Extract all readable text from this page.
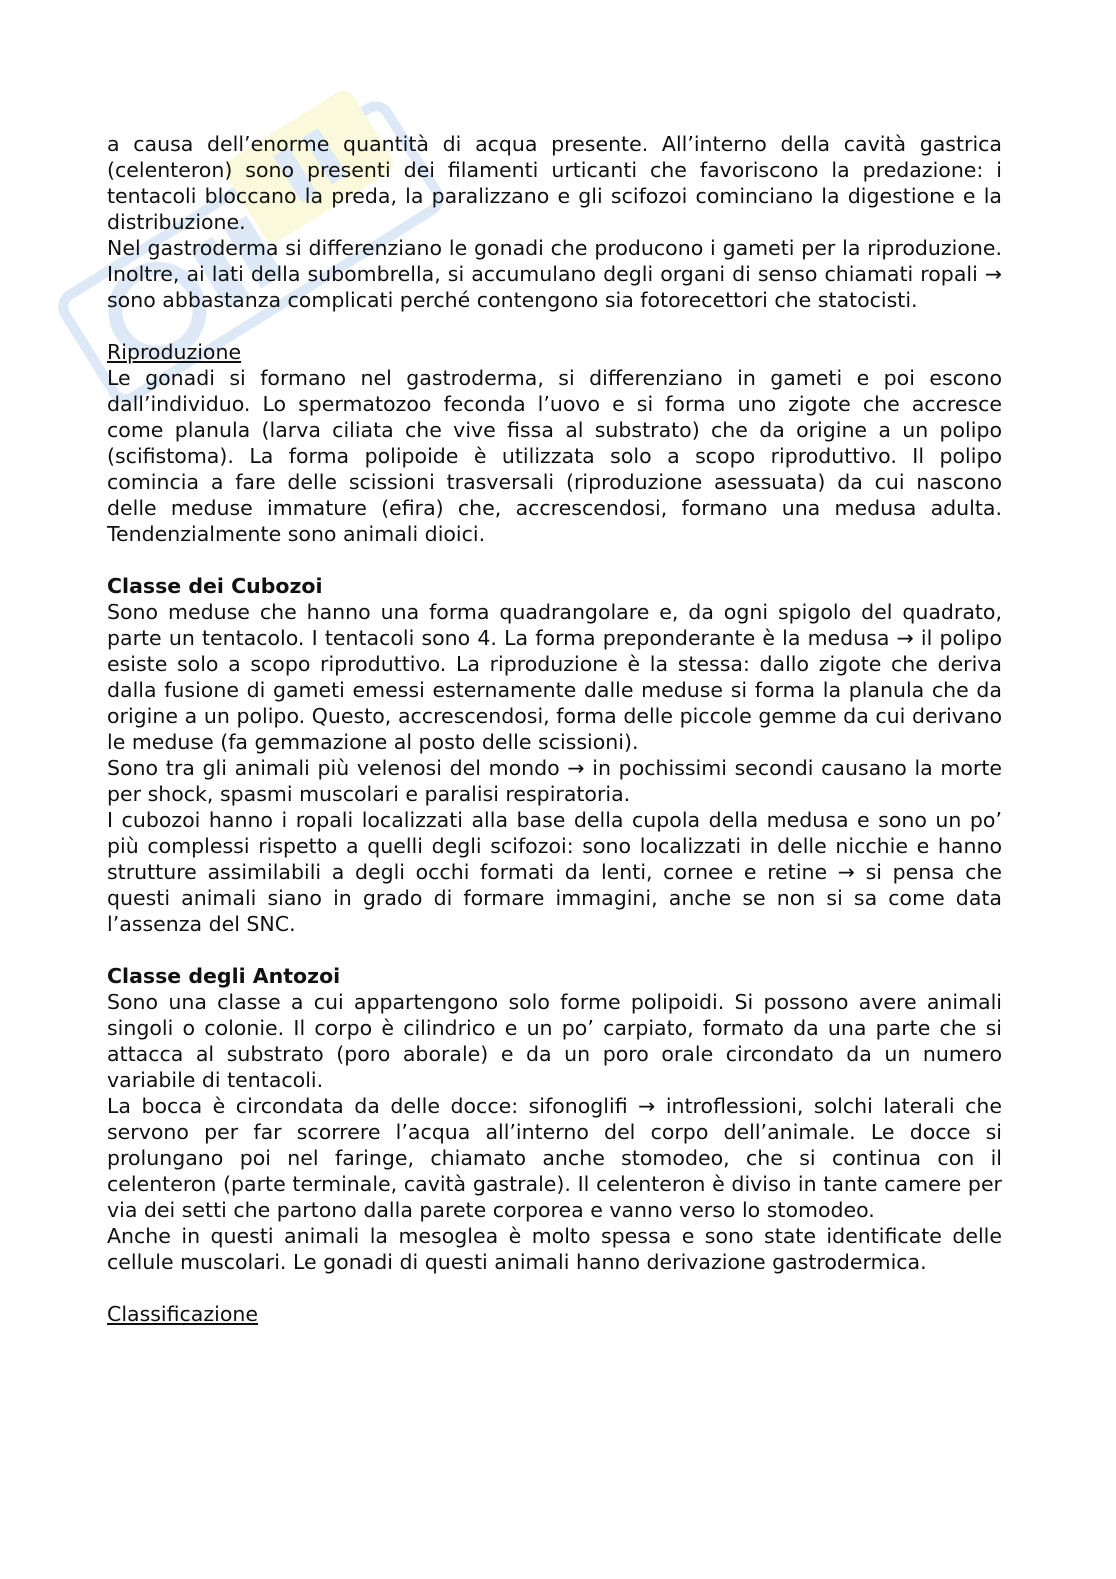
a causa dell’enorme quantità di acqua presente. All’interno della cavità gastrica (celenteron) sono presenti dei filamenti urticanti che favoriscono la predazione: i tentacoli bloccano la preda, la paralizzano e gli scifozoi cominciano la digestione e la distribuzione.

Nel gastroderma si differenziano le gonadi che producono i gameti per la riproduzione. Inoltre, ai lati della subombrella, si accumulano degli organi di senso chiamati ropali → sono abbastanza complicati perché contengono sia fotorecettori che statocisti.

Riproduzione

Le gonadi si formano nel gastroderma, si differenziano in gameti e poi escono dall’individuo. Lo spermatozoo feconda l’uovo e si forma uno zigote che accresce come planula (larva ciliata che vive fissa al substrato) che da origine a un polipo (scifistoma). La forma polipoide è utilizzata solo a scopo riproduttivo. Il polipo comincia a fare delle scissioni trasversali (riproduzione asessuata) da cui nascono delle meduse immature (efira) che, accrescendosi, formano una medusa adulta. Tendenzialmente sono animali dioici.

Classe dei Cubozoi

Sono meduse che hanno una forma quadrangolare e, da ogni spigolo del quadrato, parte un tentacolo. I tentacoli sono 4. La forma preponderante è la medusa → il polipo esiste solo a scopo riproduttivo. La riproduzione è la stessa: dallo zigote che deriva dalla fusione di gameti emessi esternamente dalle meduse si forma la planula che da origine a un polipo. Questo, accrescendosi, forma delle piccole gemme da cui derivano le meduse (fa gemmazione al posto delle scissioni).

Sono tra gli animali più velenosi del mondo → in pochissimi secondi causano la morte per shock, spasmi muscolari e paralisi respiratoria.

I cubozoi hanno i ropali localizzati alla base della cupola della medusa e sono un po’ più complessi rispetto a quelli degli scifozoi: sono localizzati in delle nicchie e hanno strutture assimilabili a degli occhi formati da lenti, cornee e retine → si pensa che questi animali siano in grado di formare immagini, anche se non si sa come data l’assenza del SNC.

Classe degli Antozoi

Sono una classe a cui appartengono solo forme polipoidi. Si possono avere animali singoli o colonie. Il corpo è cilindrico e un po’ carpiato, formato da una parte che si attacca al substrato (poro aborale) e da un poro orale circondato da un numero variabile di tentacoli.

La bocca è circondata da delle docce: sifonoglifi → introflessioni, solchi laterali che servono per far scorrere l’acqua all’interno del corpo dell’animale. Le docce si prolungano poi nel faringe, chiamato anche stomodeo, che si continua con il celenteron (parte terminale, cavità gastrale). Il celenteron è diviso in tante camere per via dei setti che partono dalla parete corporea e vanno verso lo stomodeo.

Anche in questi animali la mesoglea è molto spessa e sono state identificate delle cellule muscolari. Le gonadi di questi animali hanno derivazione gastrodermica.

Classificazione
